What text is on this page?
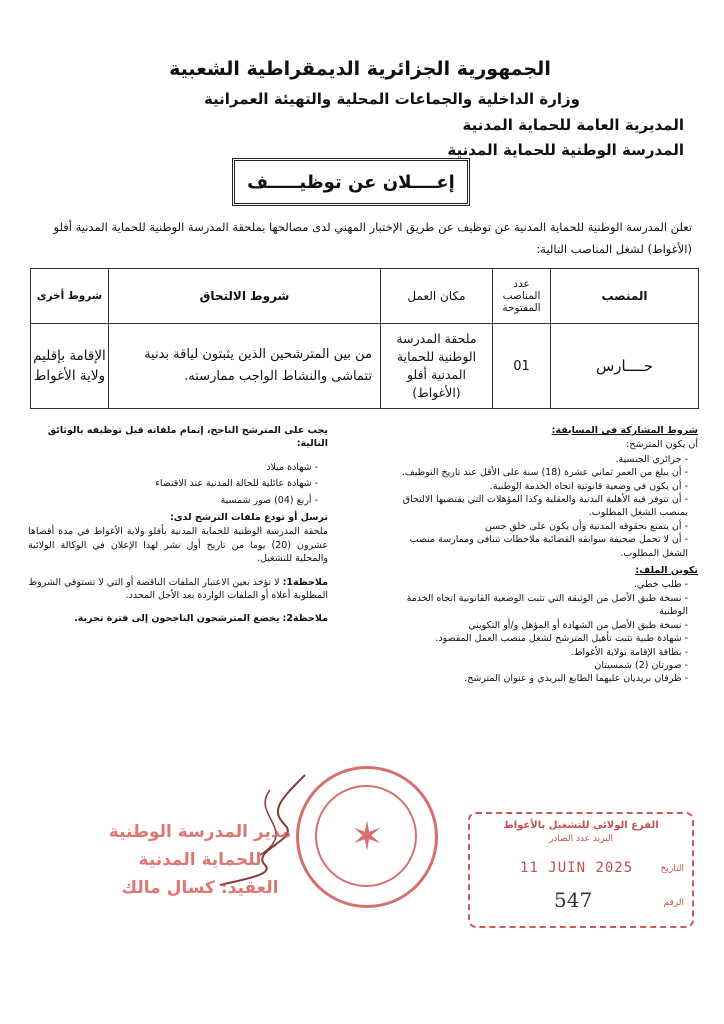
الجمهورية الجزائرية الديمقراطية الشعبية
وزارة الداخلية والجماعات المحلية والتهيئة العمرانية
المديرية العامة للحماية المدنية
المدرسة الوطنية للحماية المدنية
إعــــلان عن توظيـــــف
تعلن المدرسة الوطنية للحماية المدنية عن توظيف عن طريق الإختبار المهني لدى مصالحها بملحقة المدرسة الوطنية للحماية المدنية أفلو (الأغواط) لشغل المناصب التالية:
المنصب	عدد المناصب المفتوحة	مكان العمل	شروط الالتحاق	شروط أخرى
حــــارس	01	ملحقة المدرسة الوطنية للحماية المدنية أفلو (الأغواط)	من بين المترشحين الذين يثبتون لياقة بدنية تتماشى والنشاط الواجب ممارسته.	الإقامة بإقليم ولاية الأغواط

شروط المشاركة في المسابقة:

أن يكون المترشح:

- جزائري الجنسية.
- أن يبلغ من العمر ثماني عشرة (18) سنة على الأقل عند تاريخ التوظيف.
- أن يكون في وضعية قانونية اتجاه الخدمة الوطنية.
- أن تتوفر فيه الأهلية البدنية والعقلية وكذا المؤهلات التي يقتضيها الالتحاق بمنصب الشغل المطلوب.
- أن يتمتع بحقوقه المدنية وأن يكون على خلق حسن
- أن لا تحمل صحيفة سوابقه القضائية ملاحظات تتنافى وممارسة منصب الشغل المطلوب.

تكوين الملف:

- طلب خطي.
- نسخة طبق الأصل من الوثيقة التي تثبت الوضعية القانونية اتجاه الخدمة الوطنية
- نسخة طبق الأصل من الشهادة أو المؤهل و/أو التكويني
- شهادة طبية تثبت تأهيل المترشح لشغل منصب العمل المقصود.
- بطاقة الإقامة بولاية الأغواط.
- صورتان (2) شمسيتان
- ظرفان بريديان عليهما الطابع البريدي و عنوان المترشح.

يجب على المترشح الناجح، إتمام ملفاته قبل توظيفه بالوثائق التالية:

- شهادة ميلاد
- شهادة عائلية للحالة المدنية عند الاقتضاء
- أربع (04) صور شمسية

ترسل أو تودع ملفات الترشح لدى:

ملحقة المدرسة الوطنية للحماية المدنية بأفلو ولاية الأغواط في مدة أقصاها عشرون (20) يوما من تاريخ أول نشر لهذا الإعلان في الوكالة الولائية والمحلية للتشغيل.

ملاحظة1: لا تؤخذ بعين الاعتبار الملفات الناقصة أو التي لا تستوفي الشروط المطلوبة أعلاه أو الملفات الواردة بعد الأجل المحدد.

ملاحظة2: يخضع المترشحون الناجحون إلى فترة تجربة.

✶
مدير المدرسة الوطنية
للحماية المدنية
العقيد: كسال مالك
الفرع الولائي للتشغيل بالأغواط
البريد عدد الصادر
11 JUIN 2025	التاريخ
547	الرقم
